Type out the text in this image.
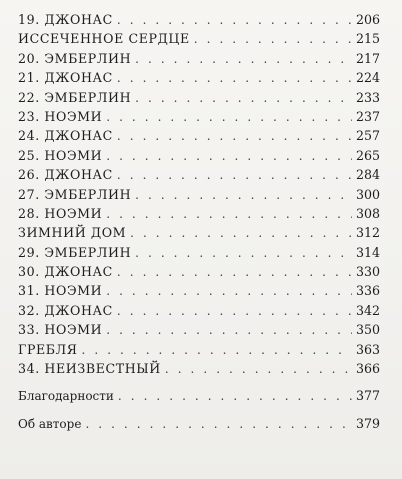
19. ДЖОНАС . . .	206
ИССЕЧЕННОЕ СЕРДЦЕ . . .	215
20. ЭМБЕРЛИН . . .	217
21. ДЖОНАС . . .	224
22. ЭМБЕРЛИН . . .	233
23. НОЭМИ . . .	237
24. ДЖОНАС . . .	257
25. НОЭМИ . . .	265
26. ДЖОНАС . . .	284
27. ЭМБЕРЛИН . . .	300
28. НОЭМИ . . .	308
ЗИМНИЙ ДОМ . . .	312
29. ЭМБЕРЛИН . . .	314
30. ДЖОНАС . . .	330
31. НОЭМИ . . .	336
32. ДЖОНАС . . .	342
33. НОЭМИ . . .	350
ГРЕБЛЯ . . .	363
34. НЕИЗВЕСТНЫЙ . . .	366
Благодарности . . .	377
Об авторе . . .	379
